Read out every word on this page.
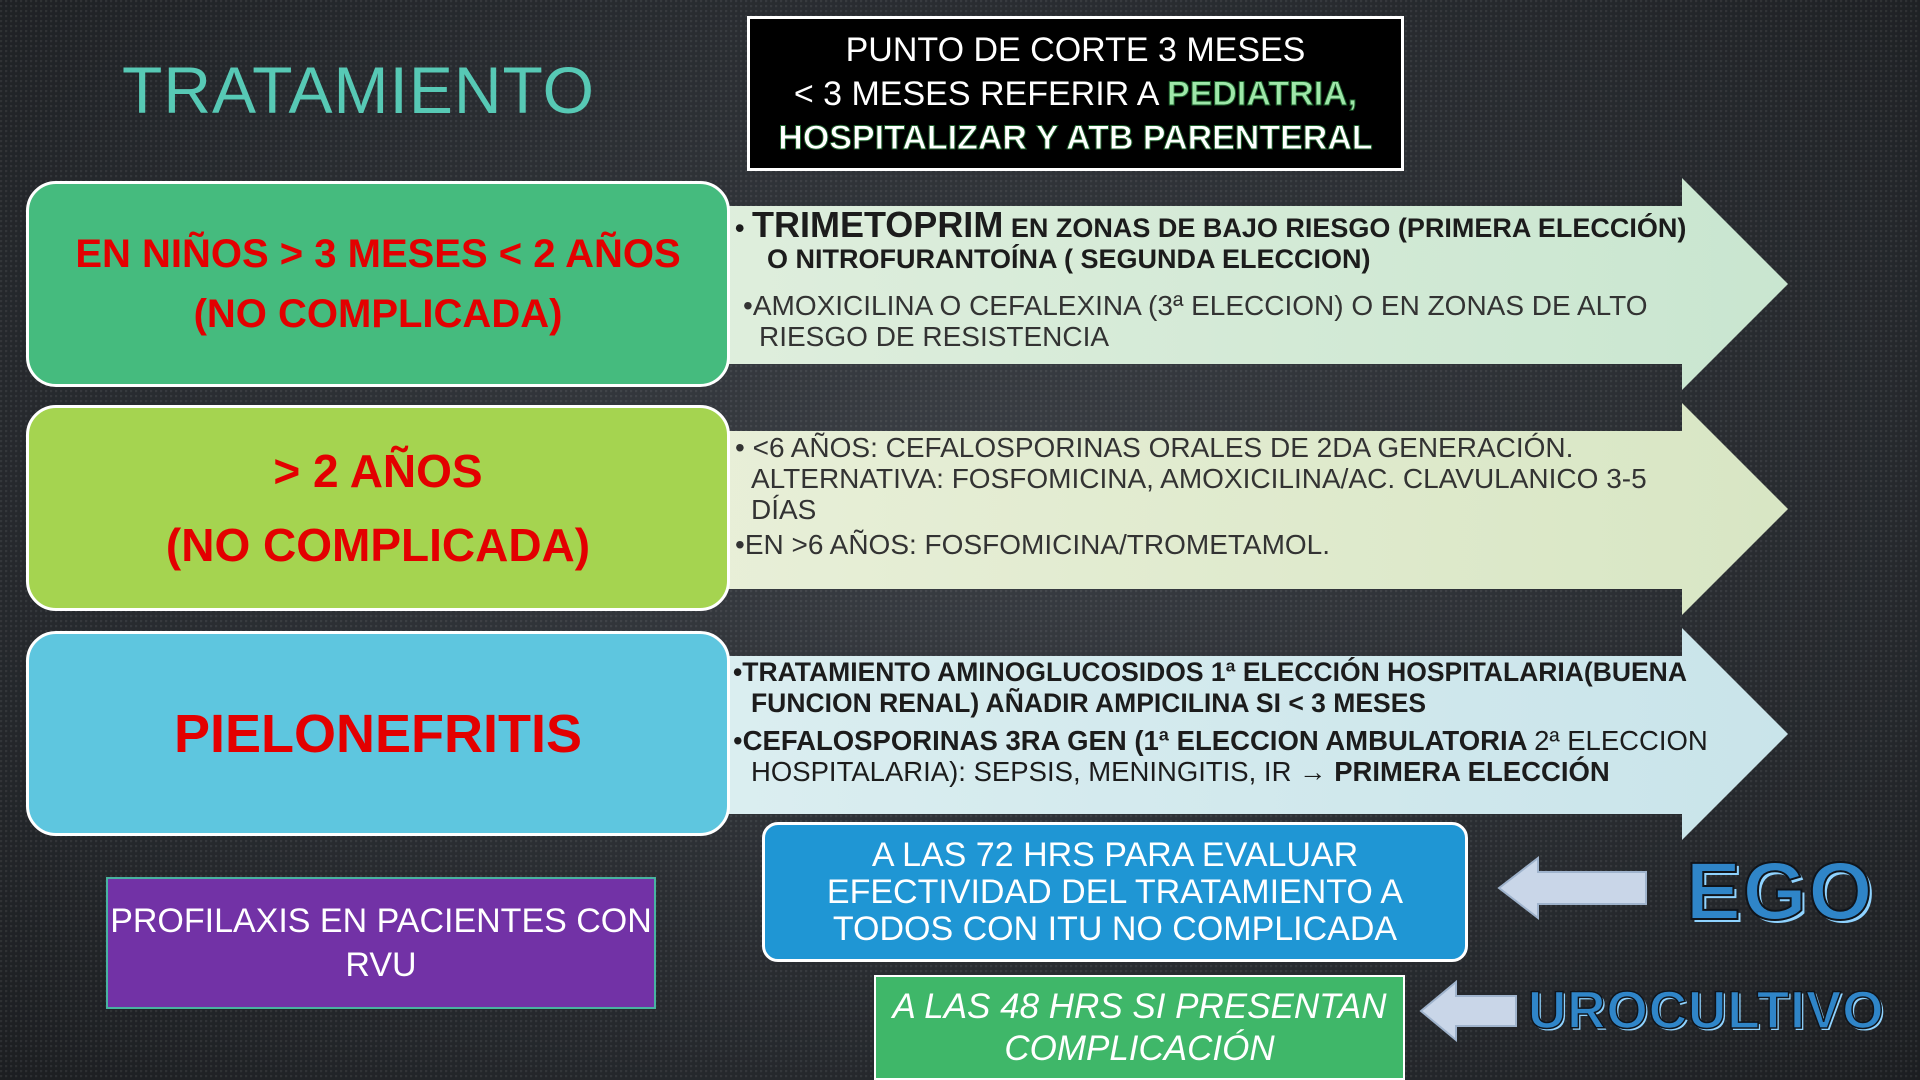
TRATAMIENTO
PUNTO DE CORTE 3 MESES
< 3 MESES REFERIR A PEDIATRIA,
HOSPITALIZAR Y ATB PARENTERAL
EN NIÑOS > 3 MESES < 2 AÑOS
(NO COMPLICADA)
> 2 AÑOS
(NO COMPLICADA)
PIELONEFRITIS
• TRIMETOPRIM EN ZONAS DE BAJO RIESGO (PRIMERA ELECCIÓN)
O NITROFURANTOÍNA ( SEGUNDA ELECCION)
•AMOXICILINA O CEFALEXINA (3ª ELECCION) O EN ZONAS DE ALTO RIESGO DE RESISTENCIA
• <6 AÑOS: CEFALOSPORINAS ORALES DE 2DA GENERACIÓN. ALTERNATIVA: FOSFOMICINA, AMOXICILINA/AC. CLAVULANICO 3-5 DÍAS
•EN >6 AÑOS: FOSFOMICINA/TROMETAMOL.
•TRATAMIENTO AMINOGLUCOSIDOS 1ª ELECCIÓN HOSPITALARIA(BUENA FUNCION RENAL) AÑADIR AMPICILINA SI < 3 MESES
•CEFALOSPORINAS 3RA GEN (1ª ELECCION AMBULATORIA 2ª ELECCION HOSPITALARIA): SEPSIS, MENINGITIS, IR → PRIMERA ELECCIÓN
A LAS 72 HRS PARA EVALUAR EFECTIVIDAD DEL TRATAMIENTO A TODOS CON ITU NO COMPLICADA
PROFILAXIS EN PACIENTES CON RVU
A LAS 48 HRS SI PRESENTAN COMPLICACIÓN
EGO
UROCULTIVO
